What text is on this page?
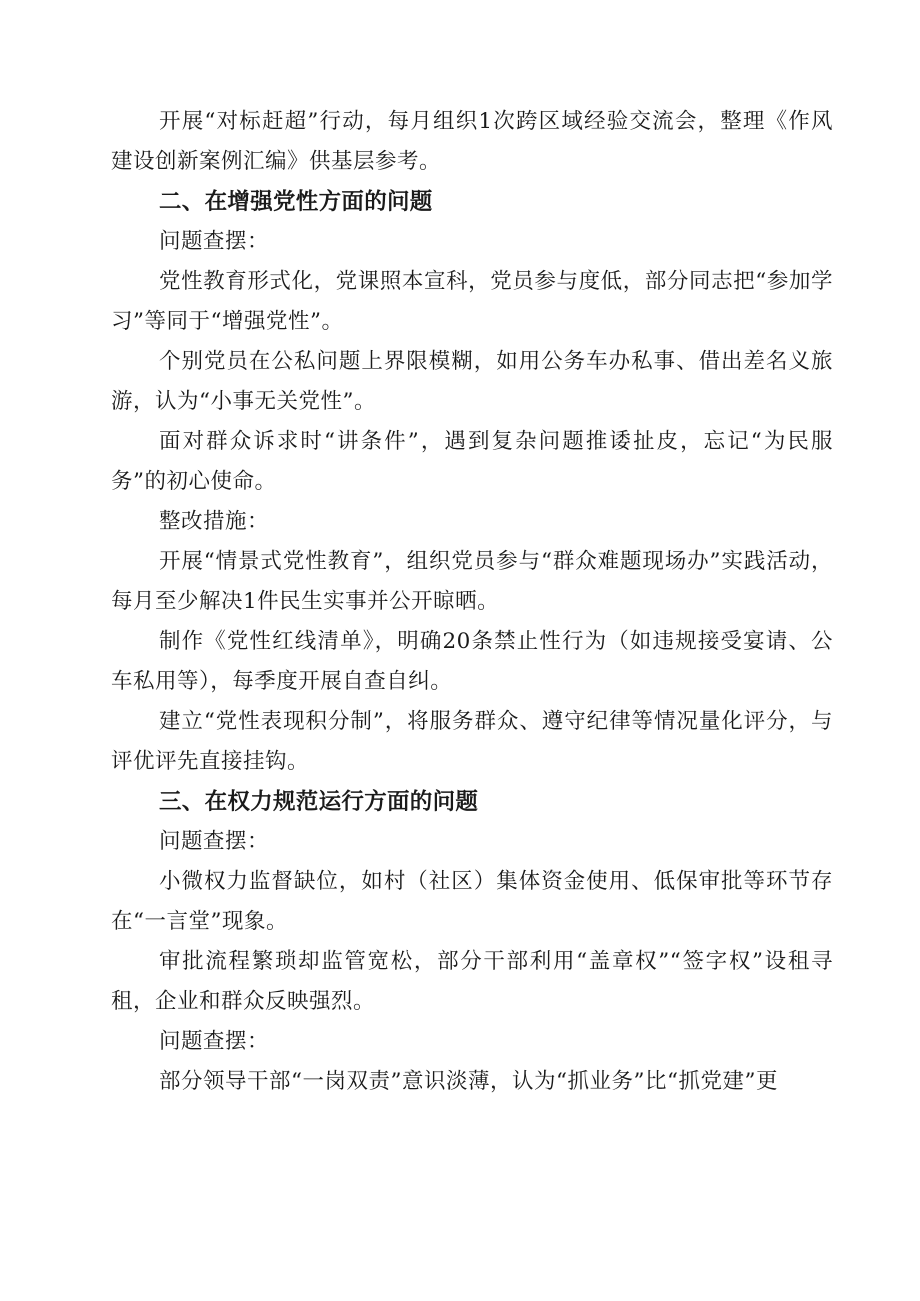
开展“对标赶超”行动，每月组织1次跨区域经验交流会，整理《作风建设创新案例汇编》供基层参考。

二、在增强党性方面的问题

问题查摆：

党性教育形式化，党课照本宣科，党员参与度低，部分同志把“参加学习”等同于“增强党性”。

个别党员在公私问题上界限模糊，如用公务车办私事、借出差名义旅游，认为“小事无关党性”。

面对群众诉求时“讲条件”，遇到复杂问题推诿扯皮，忘记“为民服务”的初心使命。

整改措施：

开展“情景式党性教育”，组织党员参与“群众难题现场办”实践活动，每月至少解决1件民生实事并公开晾晒。

制作《党性红线清单》，明确20条禁止性行为（如违规接受宴请、公车私用等），每季度开展自查自纠。

建立“党性表现积分制”，将服务群众、遵守纪律等情况量化评分，与评优评先直接挂钩。

三、在权力规范运行方面的问题

问题查摆：

小微权力监督缺位，如村（社区）集体资金使用、低保审批等环节存在“一言堂”现象。

审批流程繁琐却监管宽松，部分干部利用“盖章权”“签字权”设租寻租，企业和群众反映强烈。

问题查摆：

部分领导干部“一岗双责”意识淡薄，认为“抓业务”比“抓党建”更
